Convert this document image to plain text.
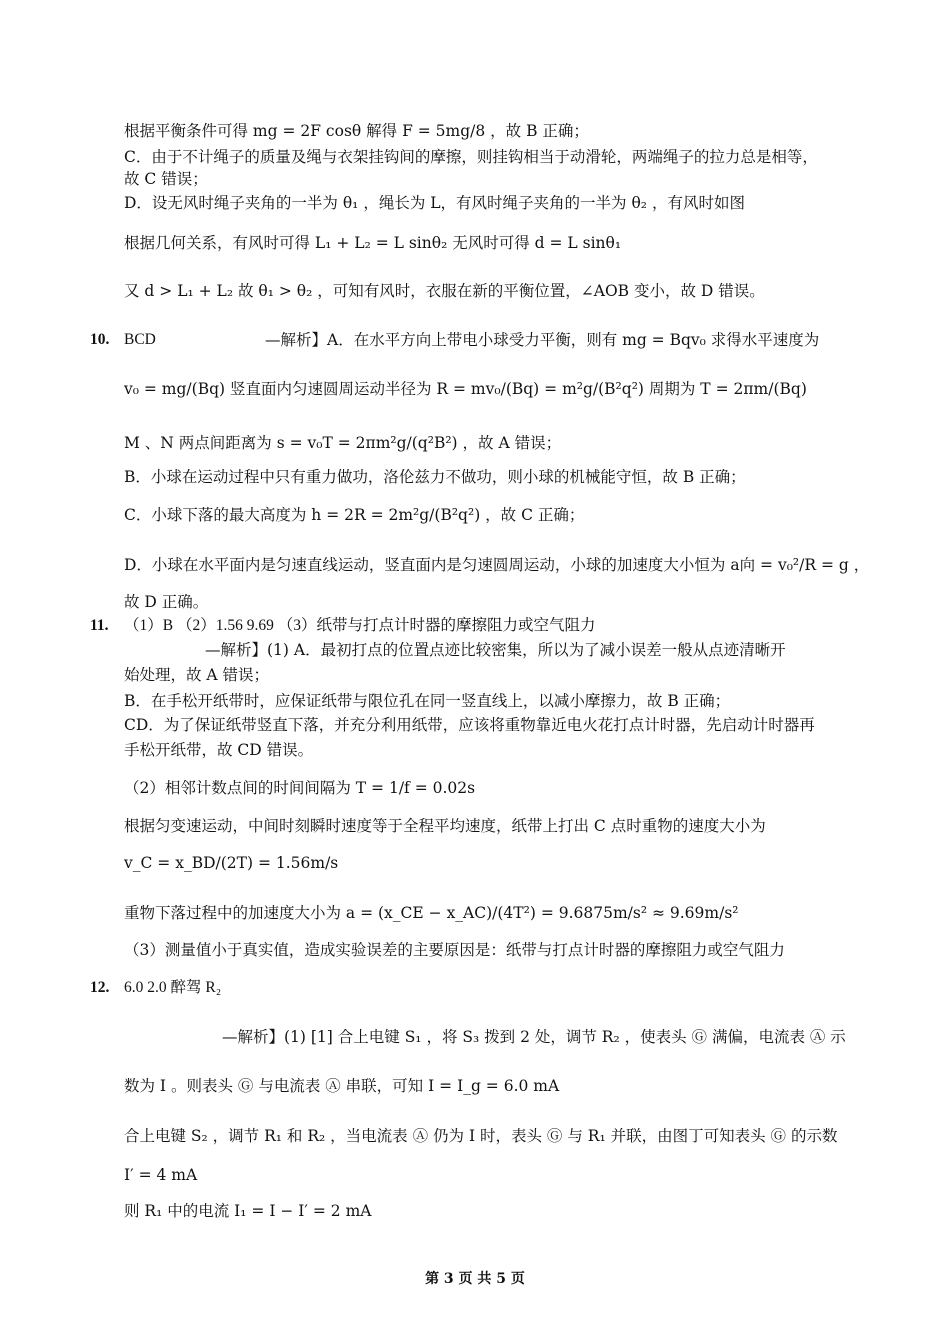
根据平衡条件可得 mg = 2F cosθ 解得 F = 5mg/8 ，故 B 正确；
C．由于不计绳子的质量及绳与衣架挂钩间的摩擦，则挂钩相当于动滑轮，两端绳子的拉力总是相等，
故 C 错误；
D．设无风时绳子夹角的一半为 θ₁ ，绳长为 L，有风时绳子夹角的一半为 θ₂ ，有风时如图
根据几何关系，有风时可得 L₁ + L₂ = L sinθ₂ 无风时可得 d = L sinθ₁
又 d > L₁ + L₂ 故 θ₁ > θ₂ ，可知有风时，衣服在新的平衡位置，∠AOB 变小，故 D 错误。
10. BCD	—解析】A．在水平方向上带电小球受力平衡，则有 mg = Bqv₀ 求得水平速度为
v₀ = mg/(Bq) 竖直面内匀速圆周运动半径为 R = mv₀/(Bq) = m²g/(B²q²) 周期为 T = 2πm/(Bq)
M 、N 两点间距离为 s = v₀T = 2πm²g/(q²B²) ，故 A 错误；
B．小球在运动过程中只有重力做功，洛伦兹力不做功，则小球的机械能守恒，故 B 正确；
C．小球下落的最大高度为 h = 2R = 2m²g/(B²q²) ，故 C 正确；
D．小球在水平面内是匀速直线运动，竖直面内是匀速圆周运动，小球的加速度大小恒为 a向 = v₀²/R = g ，
故 D 正确。
11. （1）B （2）1.56 9.69 （3）纸带与打点计时器的摩擦阻力或空气阻力
—解析】(1) A．最初打点的位置点迹比较密集，所以为了减小误差一般从点迹清晰开
始处理，故 A 错误；
B．在手松开纸带时，应保证纸带与限位孔在同一竖直线上，以减小摩擦力，故 B 正确；
CD．为了保证纸带竖直下落，并充分利用纸带，应该将重物靠近电火花打点计时器，先启动计时器再
手松开纸带，故 CD 错误。
（2）相邻计数点间的时间间隔为 T = 1/f = 0.02s
根据匀变速运动，中间时刻瞬时速度等于全程平均速度，纸带上打出 C 点时重物的速度大小为
v_C = x_BD/(2T) = 1.56m/s
重物下落过程中的加速度大小为 a = (x_CE − x_AC)/(4T²) = 9.6875m/s² ≈ 9.69m/s²
（3）测量值小于真实值，造成实验误差的主要原因是：纸带与打点计时器的摩擦阻力或空气阻力
12. 6.0 2.0 醉驾 R₂
—解析】(1) [1] 合上电键 S₁ ，将 S₃ 拨到 2 处，调节 R₂ ，使表头 Ⓖ 满偏，电流表 Ⓐ 示
数为 I 。则表头 Ⓖ 与电流表 Ⓐ 串联，可知 I = I_g = 6.0 mA
合上电键 S₂ ，调节 R₁ 和 R₂ ，当电流表 Ⓐ 仍为 I 时，表头 Ⓖ 与 R₁ 并联，由图丁可知表头 Ⓖ 的示数
I′ = 4 mA
则 R₁ 中的电流 I₁ = I − I′ = 2 mA
第 3 页 共 5 页
